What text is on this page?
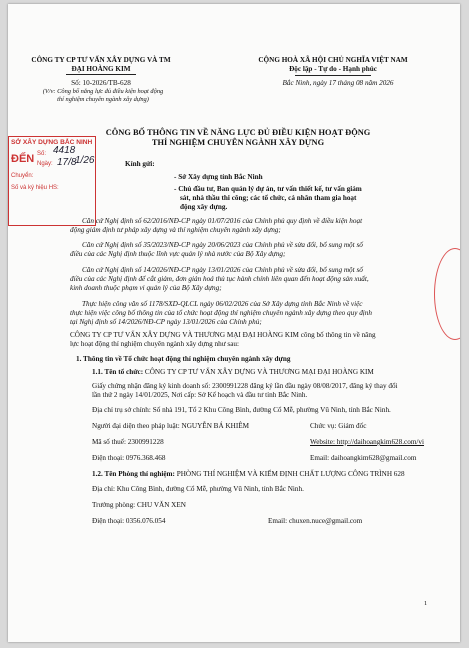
CÔNG TY CP TƯ VẤN XÂY DỰNG VÀ TM
ĐẠI HOÀNG KIM
Số: 10-2026/TB-628
(V/v: Công bố năng lực đủ điều kiện hoạt động
thí nghiệm chuyên ngành xây dựng)
CỘNG HOÀ XÃ HỘI CHỦ NGHĨA VIỆT NAM
Độc lập - Tự do - Hạnh phúc
Bắc Ninh, ngày 17 tháng 08 năm 2026
CÔNG BỐ THÔNG TIN VỀ NĂNG LỰC ĐỦ ĐIỀU KIỆN HOẠT ĐỘNG
THÍ NGHIỆM CHUYÊN NGÀNH XÂY DỰNG
SỞ XÂY DỰNG BẮC NINH
ĐẾN Số:
Ngày:
Chuyển:
Số và ký hiệu HS:
4418
17/8
1/26	Kính gửi:
- Sở Xây dựng tỉnh Bắc Ninh
- Chủ đầu tư, Ban quản lý dự án, tư vấn thiết kế, tư vấn giám
sát, nhà thầu thi công; các tổ chức, cá nhân tham gia hoạt
động xây dựng.
Căn cứ Nghị định số 62/2016/NĐ-CP ngày 01/07/2016 của Chính phủ quy định về điều kiện hoạt
động giám định tư pháp xây dựng và thí nghiệm chuyên ngành xây dựng;
Căn cứ Nghị định số 35/2023/NĐ-CP ngày 20/06/2023 của Chính phủ về sửa đổi, bổ sung một số
điều của các Nghị định thuộc lĩnh vực quản lý nhà nước của Bộ Xây dựng;
Căn cứ Nghị định số 14/2026/NĐ-CP ngày 13/01/2026 của Chính phủ về sửa đổi, bổ sung một số
điều của các Nghị định để cắt giảm, đơn giản hoá thủ tục hành chính liên quan đến hoạt động sản xuất,
kinh doanh thuộc phạm vi quản lý của Bộ Xây dựng;
Thực hiện công văn số 1178/SXD-QLCL ngày 06/02/2026 của Sở Xây dựng tỉnh Bắc Ninh về việc
thực hiện việc công bố thông tin của tổ chức hoạt động thí nghiệm chuyên ngành xây dựng theo quy định
tại Nghị định số 14/2026/NĐ-CP ngày 13/01/2026 của Chính phủ;
CÔNG TY CP TƯ VẤN XÂY DỰNG VÀ THƯƠNG MẠI ĐẠI HOÀNG KIM công bố thông tin về năng
lực hoạt động thí nghiệm chuyên ngành xây dựng như sau:
1. Thông tin về Tổ chức hoạt động thí nghiệm chuyên ngành xây dựng
1.1. Tên tổ chức: CÔNG TY CP TƯ VẤN XÂY DỰNG VÀ THƯƠNG MẠI ĐẠI HOÀNG KIM
Giấy chứng nhận đăng ký kinh doanh số: 2300991228 đăng ký lần đầu ngày 08/08/2017, đăng ký thay đổi
lần thứ 2 ngày 14/01/2025, Nơi cấp: Sở Kế hoạch và đầu tư tỉnh Bắc Ninh.
Địa chỉ trụ sở chính: Số nhà 191, Tổ 2 Khu Công Bình, đường Cổ Mễ, phường Vũ Ninh, tỉnh Bắc Ninh.
Người đại diện theo pháp luật: NGUYỄN BÁ KHIÊM	Chức vụ: Giám đốc
Mã số thuế: 2300991228	Website: http://daihoangkim628.com/vi
Điện thoại: 0976.368.468	Email: daihoangkim628@gmail.com
1.2. Tên Phòng thí nghiệm: PHÒNG THÍ NGHIỆM VÀ KIỂM ĐỊNH CHẤT LƯỢNG CÔNG TRÌNH 628
Địa chỉ: Khu Công Bình, đường Cổ Mễ, phường Vũ Ninh, tỉnh Bắc Ninh.
Trưởng phòng: CHU VĂN XEN
Điện thoại: 0356.076.054	Email: chuxen.nuce@gmail.com
1
